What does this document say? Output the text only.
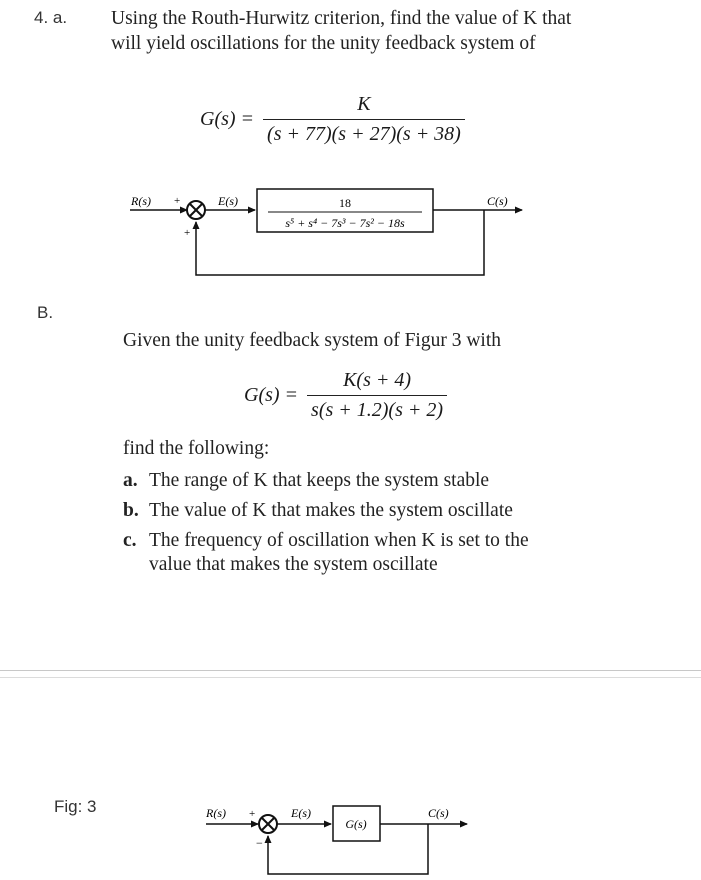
4. a. Using the Routh-Hurwitz criterion, find the value of K that will yield oscillations for the unity feedback system of
$G(s) = \frac{K}{(s + 77)(s + 27)(s + 38)}$
R(s) +
+
E(s)	18
s⁵ + s⁴ − 7s³ − 7s² − 18s
C(s)
B.
Given the unity feedback system of Figur 3 with
$G(s) = \frac{K(s + 4)}{s(s + 1.2)(s + 2)}$
find the following:
a. The range of K that keeps the system stable
b. The value of K that makes the system oscillate
c. The frequency of oscillation when K is set to the
value that makes the system oscillate
Fig: 3	R(s) +
−
E(s)
G(s)
C(s)
